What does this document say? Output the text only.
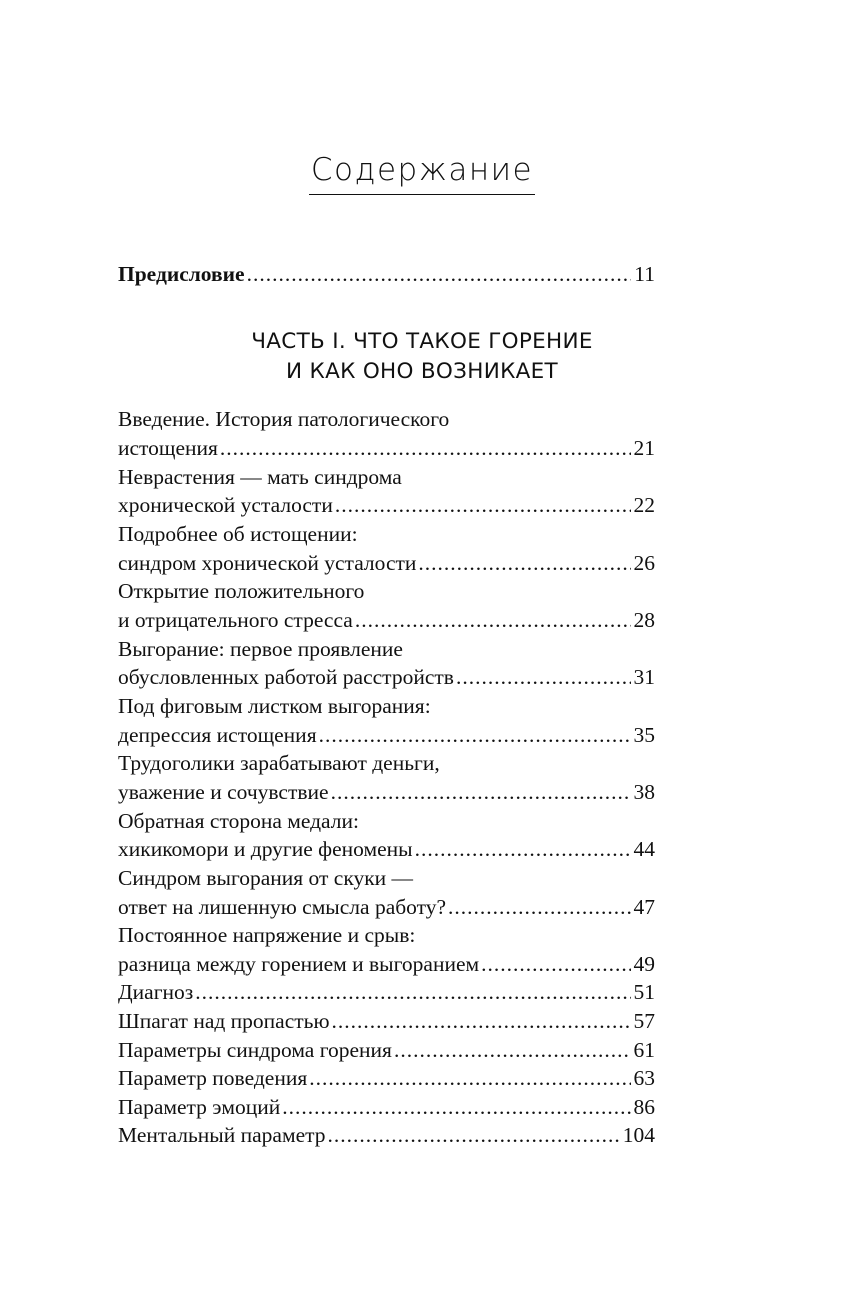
Содержание
Предисловие .....	11
ЧАСТЬ I. ЧТО ТАКОЕ ГОРЕНИЕ
И КАК ОНО ВОЗНИКАЕТ
Введение. История патологического
истощения .....	21
Неврастения — мать синдрома
хронической усталости .....	22
Подробнее об истощении:
синдром хронической усталости .....	26
Открытие положительного
и отрицательного стресса .....	28
Выгорание: первое проявление
обусловленных работой расстройств .....	31
Под фиговым листком выгорания:
депрессия истощения .....	35
Трудоголики зарабатывают деньги,
уважение и сочувствие .....	38
Обратная сторона медали:
хикикомори и другие феномены .....	44
Синдром выгорания от скуки —
ответ на лишенную смысла работу? .....	47
Постоянное напряжение и срыв:
разница между горением и выгоранием .....	49
Диагноз .....	51
Шпагат над пропастью .....	57
Параметры синдрома горения .....	61
Параметр поведения .....	63
Параметр эмоций .....	86
Ментальный параметр .....	104
